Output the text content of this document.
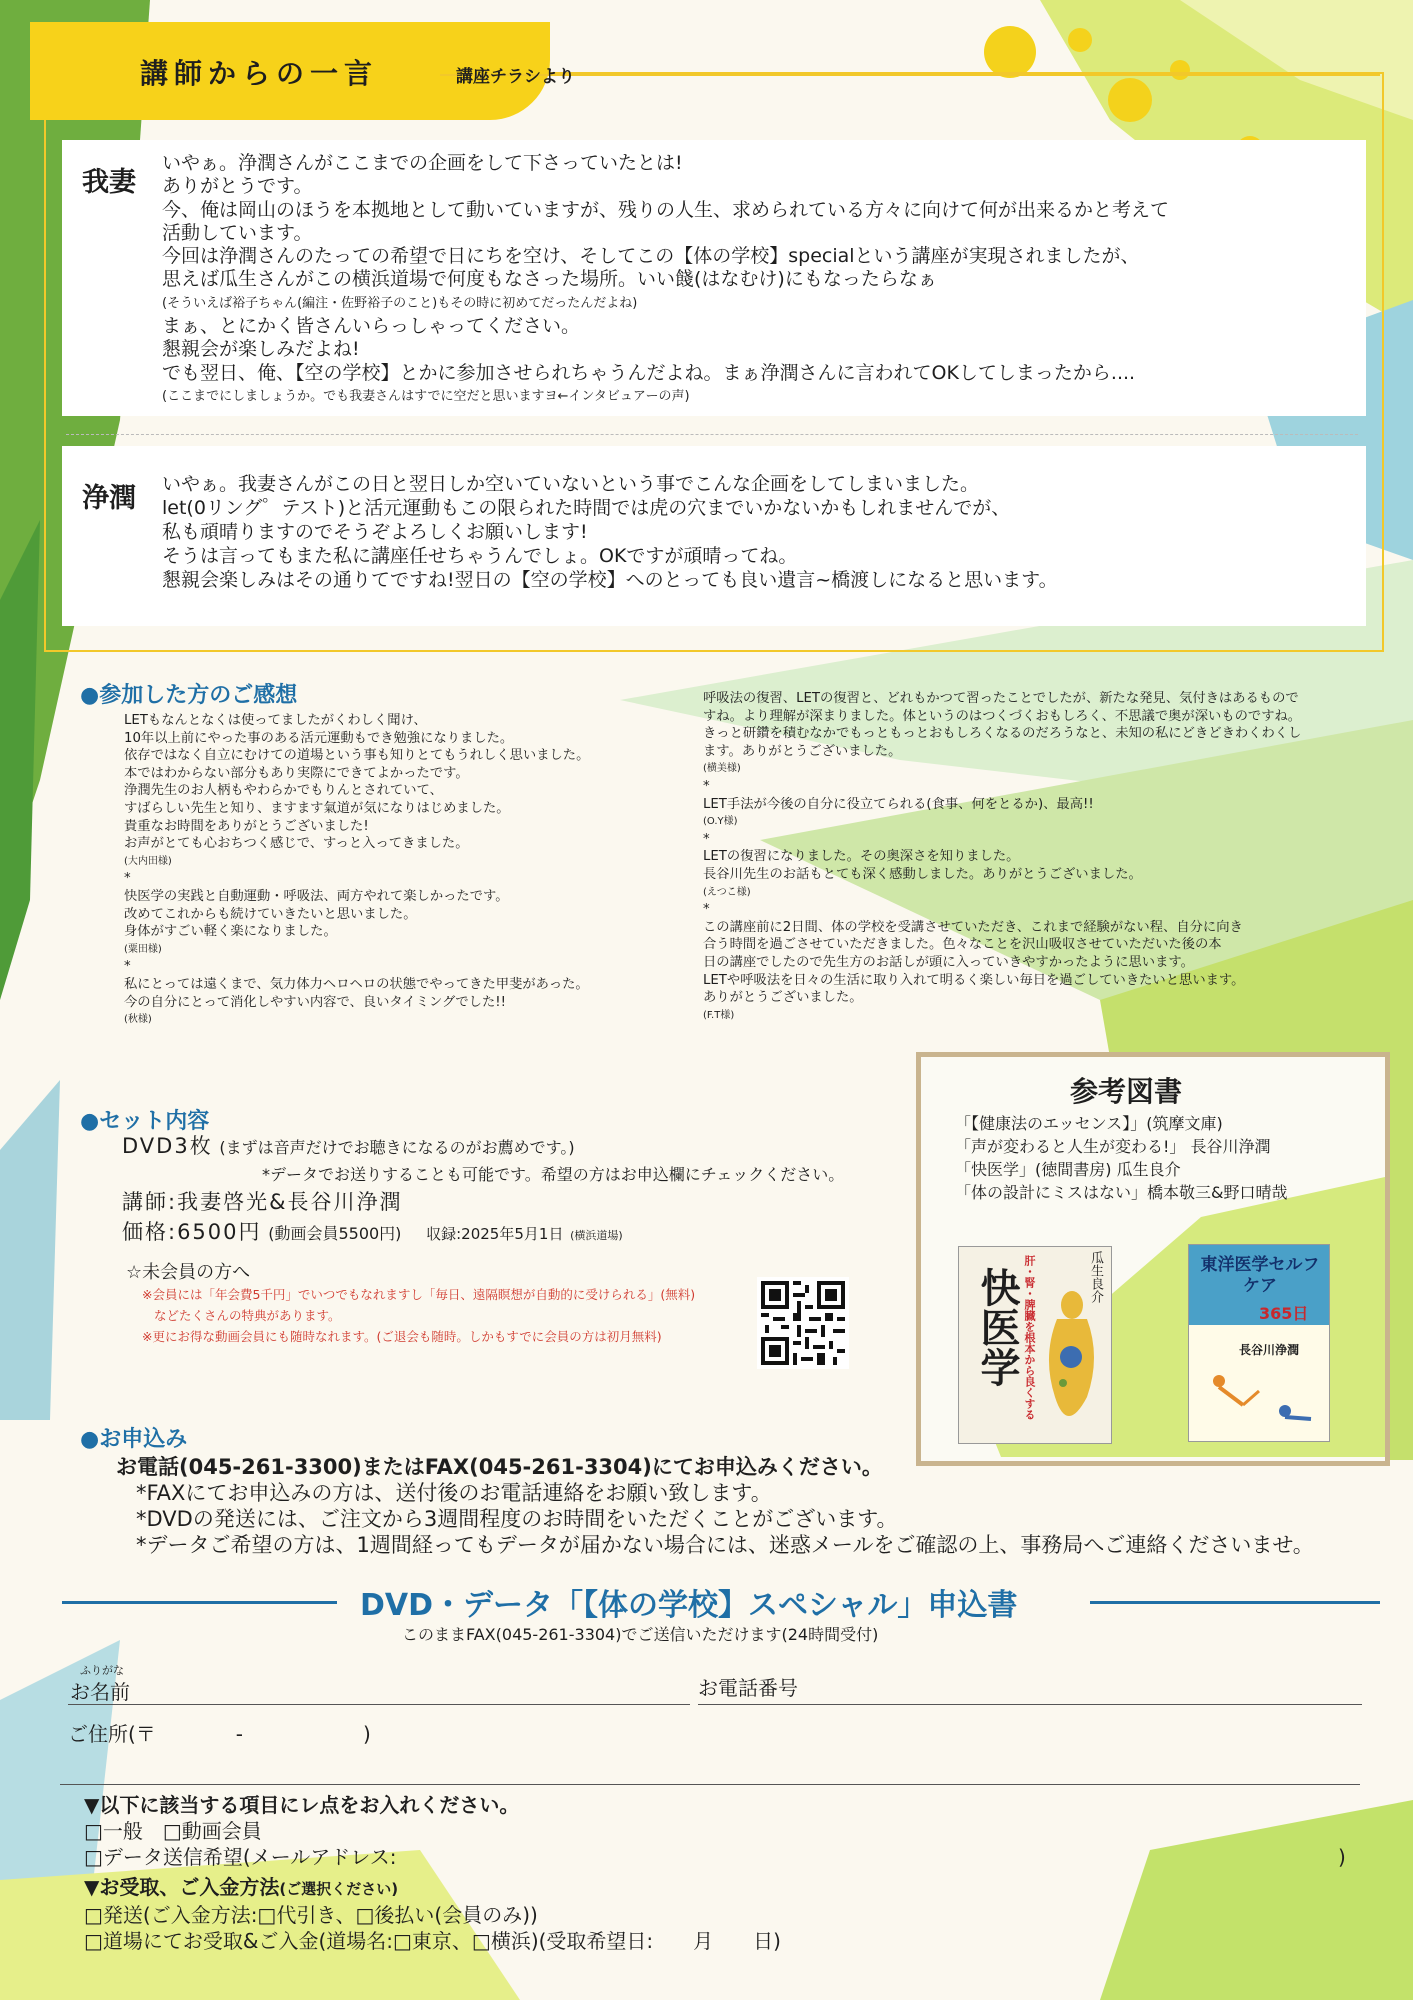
講師からの一言	講座チラシより
我妻
いやぁ。浄潤さんがここまでの企画をして下さっていたとは!
ありがとうです。
今、俺は岡山のほうを本拠地として動いていますが、残りの人生、求められている方々に向けて何が出来るかと考えて
活動しています。
今回は浄潤さんのたっての希望で日にちを空け、そしてこの【体の学校】specialという講座が実現されましたが、
思えば瓜生さんがこの横浜道場で何度もなさった場所。いい餞(はなむけ)にもなったらなぁ
(そういえば裕子ちゃん(編注・佐野裕子のこと)もその時に初めてだったんだよね)
まぁ、とにかく皆さんいらっしゃってください。
懇親会が楽しみだよね!
でも翌日、俺、【空の学校】とかに参加させられちゃうんだよね。まぁ浄潤さんに言われてOKしてしまったから....
(ここまでにしましょうか。でも我妻さんはすでに空だと思いますヨ←インタビュアーの声)
浄潤 いやぁ。我妻さんがこの日と翌日しか空いていないという事でこんな企画をしてしまいました。
let(0リング゜テスト)と活元運動もこの限られた時間では虎の穴までいかないかもしれませんでが、
私も頑晴りますのでそうぞよろしくお願いします!
そうは言ってもまた私に講座任せちゃうんでしょ。OKですが頑晴ってね。
懇親会楽しみはその通りてですね!翌日の【空の学校】へのとっても良い遺言~橋渡しになると思います。
●参加した方のご感想
LETもなんとなくは使ってましたがくわしく聞け、
10年以上前にやった事のある活元運動もでき勉強になりました。
依存ではなく自立にむけての道場という事も知りとてもうれしく思いました。
本ではわからない部分もあり実際にできてよかったです。
浄潤先生のお人柄もやわらかでもりんとされていて、
すばらしい先生と知り、ますます氣道が気になりはじめました。
貴重なお時間をありがとうございました!
お声がとても心おちつく感じで、すっと入ってきました。
(大内田様)
*
快医学の実践と自動運動・呼吸法、両方やれて楽しかったです。
改めてこれからも続けていきたいと思いました。
身体がすごい軽く楽になりました。
(粟田様)
*
私にとっては遠くまで、気力体力ヘロヘロの状態でやってきた甲斐があった。
今の自分にとって消化しやすい内容で、良いタイミングでした!!
(秋様)
呼吸法の復習、LETの復習と、どれもかつて習ったことでしたが、新たな発見、気付きはあるもので
すね。より理解が深まりました。体というのはつくづくおもしろく、不思議で奥が深いものですね。
きっと研鑽を積むなかでもっともっとおもしろくなるのだろうなと、未知の私にどきどきわくわくし
ます。ありがとうございました。
(横美様)
*
LET手法が今後の自分に役立てられる(食事、何をとるか)、最高!!
(O.Y様)
*
LETの復習になりました。その奥深さを知りました。
長谷川先生のお話もとても深く感動しました。ありがとうございました。
(えつこ様)
*
この講座前に2日間、体の学校を受講させていただき、これまで経験がない程、自分に向き
合う時間を過ごさせていただきました。色々なことを沢山吸収させていただいた後の本
日の講座でしたので先生方のお話しが頭に入っていきやすかったように思います。
LETや呼吸法を日々の生活に取り入れて明るく楽しい毎日を過ごしていきたいと思います。
ありがとうございました。
(F.T様)
●セット内容
DVD3枚 (まずは音声だけでお聴きになるのがお薦めです。)
*データでお送りすることも可能です。希望の方はお申込欄にチェックください。
講師:我妻啓光&長谷川浄潤
価格:6500円 (動画会員5500円) 収録:2025年5月1日 (横浜道場)
☆未会員の方へ
※会員には「年会費5千円」でいつでもなれますし「毎日、遠隔瞑想が自動的に受けられる」(無料)
などたくさんの特典があります。
※更にお得な動画会員にも随時なれます。(ご退会も随時。しかもすでに会員の方は初月無料)
参考図書
「【健康法のエッセンス】」(筑摩文庫)
「声が変わると人生が変わる!」 長谷川浄潤
「快医学」(徳間書房) 瓜生良介
「体の設計にミスはない」橋本敬三&野口晴哉
快医学 肝・腎・脾臓を根本から良くする	瓜生良介	東洋医学セルフケア
365日
長谷川浄潤
●お申込み
お電話(045-261-3300)またはFAX(045-261-3304)にてお申込みください。
*FAXにてお申込みの方は、送付後のお電話連絡をお願い致します。
*DVDの発送には、ご注文から3週間程度のお時間をいただくことがございます。
*データご希望の方は、1週間経ってもデータが届かない場合には、迷惑メールをご確認の上、事務局へご連絡くださいませ。
DVD・データ「【体の学校】スペシャル」申込書
このままFAX(045-261-3304)でご送信いただけます(24時間受付)
ふりがな
お名前	お電話番号
ご住所(〒　　　　-　　　　　　)
▼以下に該当する項目にレ点をお入れください。
□一般　□動画会員
□データ送信希望(メールアドレス:	)
▼お受取、ご入金方法(ご選択ください)
□発送(ご入金方法:□代引き、□後払い(会員のみ))
□道場にてお受取&ご入金(道場名:□東京、□横浜)(受取希望日:　　月　　日)
